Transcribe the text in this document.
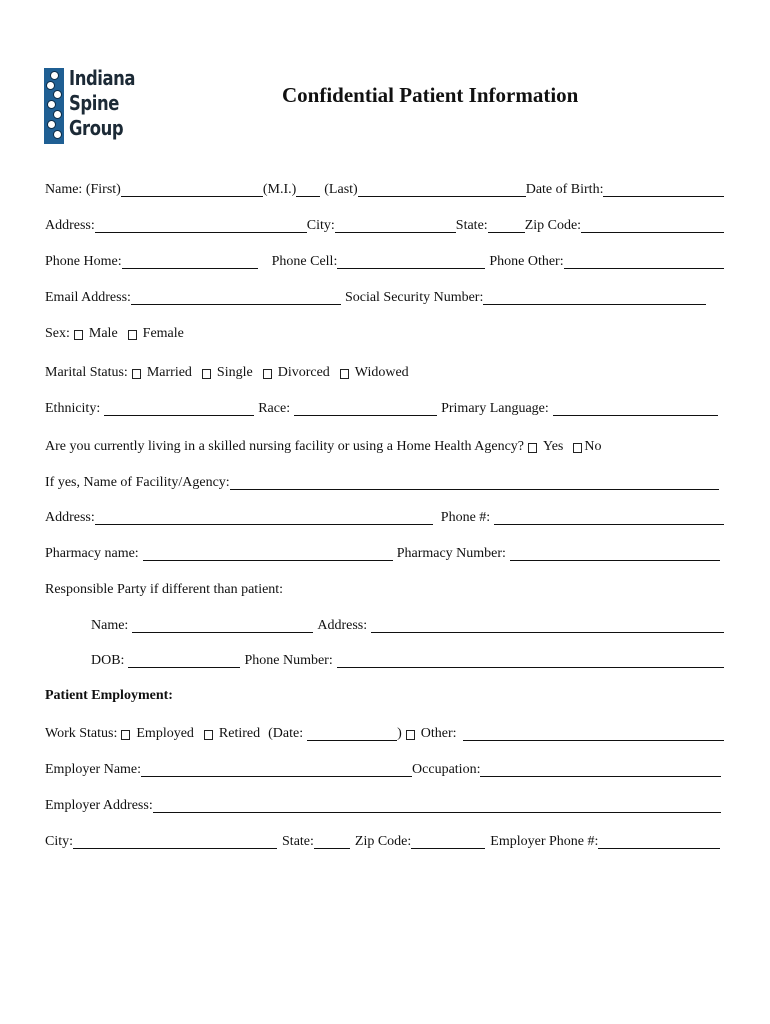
Indiana
Spine
Group
Confidential Patient Information
Name: (First)	(M.I.) (Last)	Date of Birth:
Address:	City:	State:	Zip Code:
Phone Home:	Phone Cell:	Phone Other:
Email Address:	Social Security Number:
Sex: Male Female
Marital Status: Married Single Divorced Widowed
Ethnicity:	Race:	Primary Language:
Are you currently living in a skilled nursing facility or using a Home Health Agency? Yes No
If yes, Name of Facility/Agency:
Address:	Phone #:
Pharmacy name:	Pharmacy Number:
Responsible Party if different than patient:
Name:	Address:
DOB:	Phone Number:
Patient Employment:
Work Status: Employed Retired (Date:	) Other:
Employer Name:	Occupation:
Employer Address:
City:	State:	Zip Code:	Employer Phone #:
